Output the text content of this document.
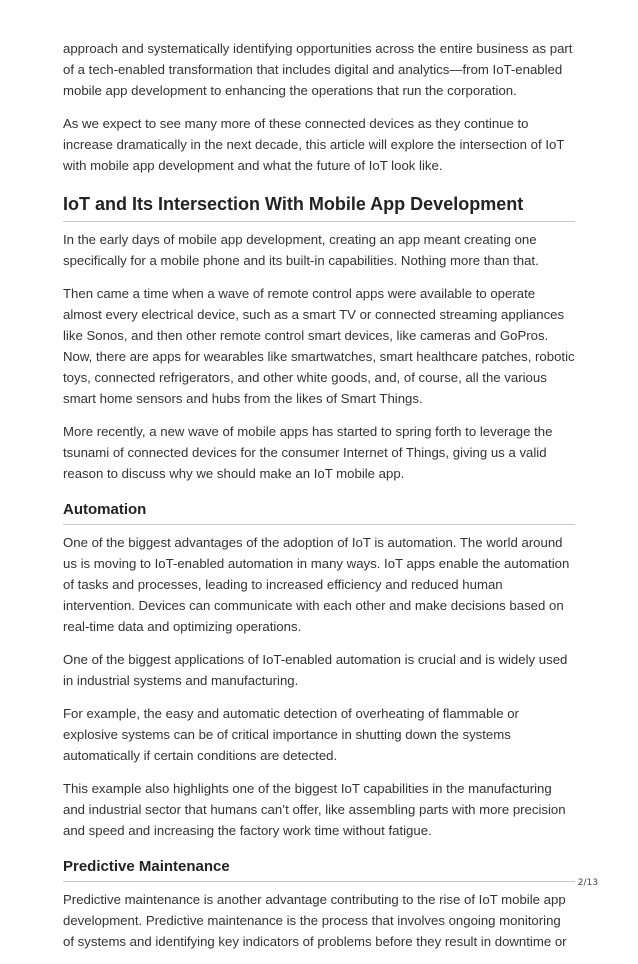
approach and systematically identifying opportunities across the entire business as part of a tech-enabled transformation that includes digital and analytics—from IoT-enabled mobile app development to enhancing the operations that run the corporation.

As we expect to see many more of these connected devices as they continue to increase dramatically in the next decade, this article will explore the intersection of IoT with mobile app development and what the future of IoT look like.

IoT and Its Intersection With Mobile App Development

In the early days of mobile app development, creating an app meant creating one specifically for a mobile phone and its built-in capabilities. Nothing more than that.

Then came a time when a wave of remote control apps were available to operate almost every electrical device, such as a smart TV or connected streaming appliances like Sonos, and then other remote control smart devices, like cameras and GoPros. Now, there are apps for wearables like smartwatches, smart healthcare patches, robotic toys, connected refrigerators, and other white goods, and, of course, all the various smart home sensors and hubs from the likes of Smart Things.

More recently, a new wave of mobile apps has started to spring forth to leverage the tsunami of connected devices for the consumer Internet of Things, giving us a valid reason to discuss why we should make an IoT mobile app.

Automation

One of the biggest advantages of the adoption of IoT is automation. The world around us is moving to IoT-enabled automation in many ways. IoT apps enable the automation of tasks and processes, leading to increased efficiency and reduced human intervention. Devices can communicate with each other and make decisions based on real-time data and optimizing operations.

One of the biggest applications of IoT-enabled automation is crucial and is widely used in industrial systems and manufacturing.

For example, the easy and automatic detection of overheating of flammable or explosive systems can be of critical importance in shutting down the systems automatically if certain conditions are detected.

This example also highlights one of the biggest IoT capabilities in the manufacturing and industrial sector that humans can’t offer, like assembling parts with more precision and speed and increasing the factory work time without fatigue.

Predictive Maintenance

Predictive maintenance is another advantage contributing to the rise of IoT mobile app development. Predictive maintenance is the process that involves ongoing monitoring of systems and identifying key indicators of problems before they result in downtime or

2/13
